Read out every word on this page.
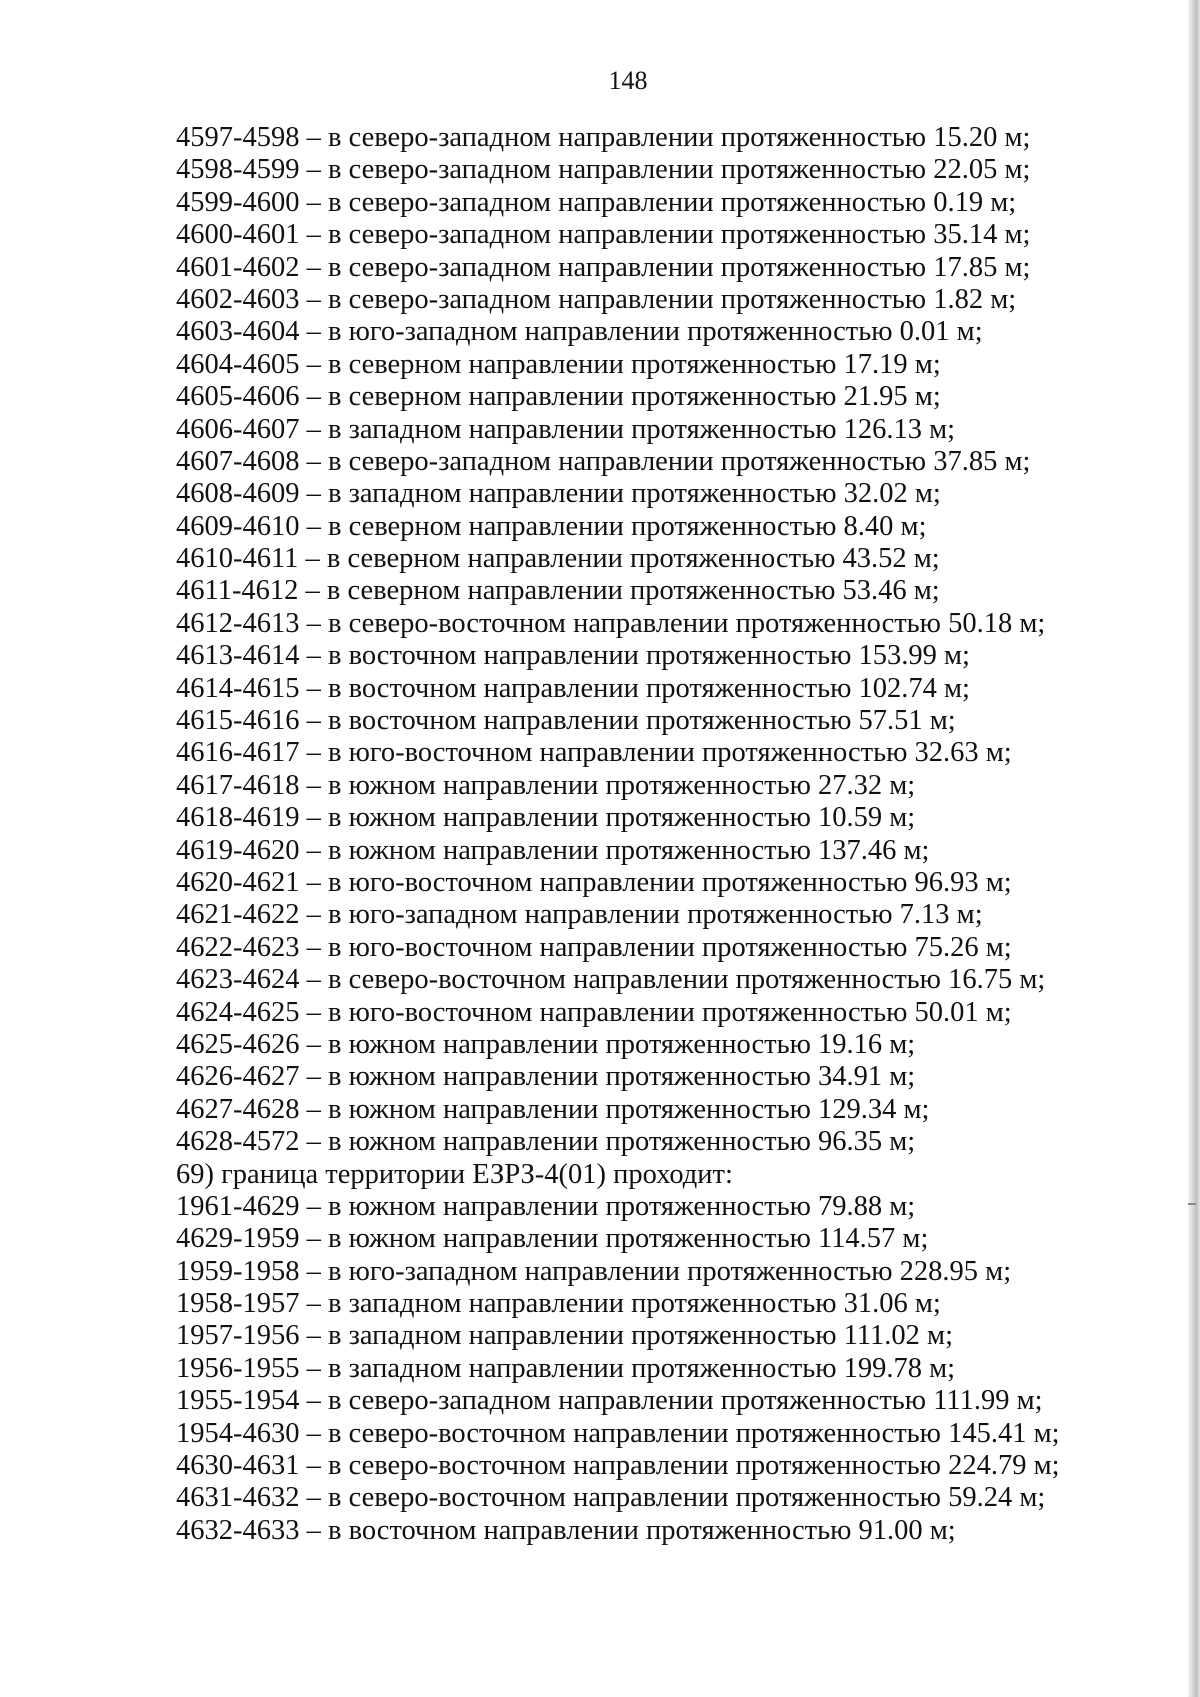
148
4597-4598 – в северо-западном направлении протяженностью 15.20 м;
4598-4599 – в северо-западном направлении протяженностью 22.05 м;
4599-4600 – в северо-западном направлении протяженностью 0.19 м;
4600-4601 – в северо-западном направлении протяженностью 35.14 м;
4601-4602 – в северо-западном направлении протяженностью 17.85 м;
4602-4603 – в северо-западном направлении протяженностью 1.82 м;
4603-4604 – в юго-западном направлении протяженностью 0.01 м;
4604-4605 – в северном направлении протяженностью 17.19 м;
4605-4606 – в северном направлении протяженностью 21.95 м;
4606-4607 – в западном направлении протяженностью 126.13 м;
4607-4608 – в северо-западном направлении протяженностью 37.85 м;
4608-4609 – в западном направлении протяженностью 32.02 м;
4609-4610 – в северном направлении протяженностью 8.40 м;
4610-4611 – в северном направлении протяженностью 43.52 м;
4611-4612 – в северном направлении протяженностью 53.46 м;
4612-4613 – в северо-восточном направлении протяженностью 50.18 м;
4613-4614 – в восточном направлении протяженностью 153.99 м;
4614-4615 – в восточном направлении протяженностью 102.74 м;
4615-4616 – в восточном направлении протяженностью 57.51 м;
4616-4617 – в юго-восточном направлении протяженностью 32.63 м;
4617-4618 – в южном направлении протяженностью 27.32 м;
4618-4619 – в южном направлении протяженностью 10.59 м;
4619-4620 – в южном направлении протяженностью 137.46 м;
4620-4621 – в юго-восточном направлении протяженностью 96.93 м;
4621-4622 – в юго-западном направлении протяженностью 7.13 м;
4622-4623 – в юго-восточном направлении протяженностью 75.26 м;
4623-4624 – в северо-восточном направлении протяженностью 16.75 м;
4624-4625 – в юго-восточном направлении протяженностью 50.01 м;
4625-4626 – в южном направлении протяженностью 19.16 м;
4626-4627 – в южном направлении протяженностью 34.91 м;
4627-4628 – в южном направлении протяженностью 129.34 м;
4628-4572 – в южном направлении протяженностью 96.35 м;
69) граница территории ЕЗРЗ-4(01) проходит:
1961-4629 – в южном направлении протяженностью 79.88 м;
4629-1959 – в южном направлении протяженностью 114.57 м;
1959-1958 – в юго-западном направлении протяженностью 228.95 м;
1958-1957 – в западном направлении протяженностью 31.06 м;
1957-1956 – в западном направлении протяженностью 111.02 м;
1956-1955 – в западном направлении протяженностью 199.78 м;
1955-1954 – в северо-западном направлении протяженностью 111.99 м;
1954-4630 – в северо-восточном направлении протяженностью 145.41 м;
4630-4631 – в северо-восточном направлении протяженностью 224.79 м;
4631-4632 – в северо-восточном направлении протяженностью 59.24 м;
4632-4633 – в восточном направлении протяженностью 91.00 м;
